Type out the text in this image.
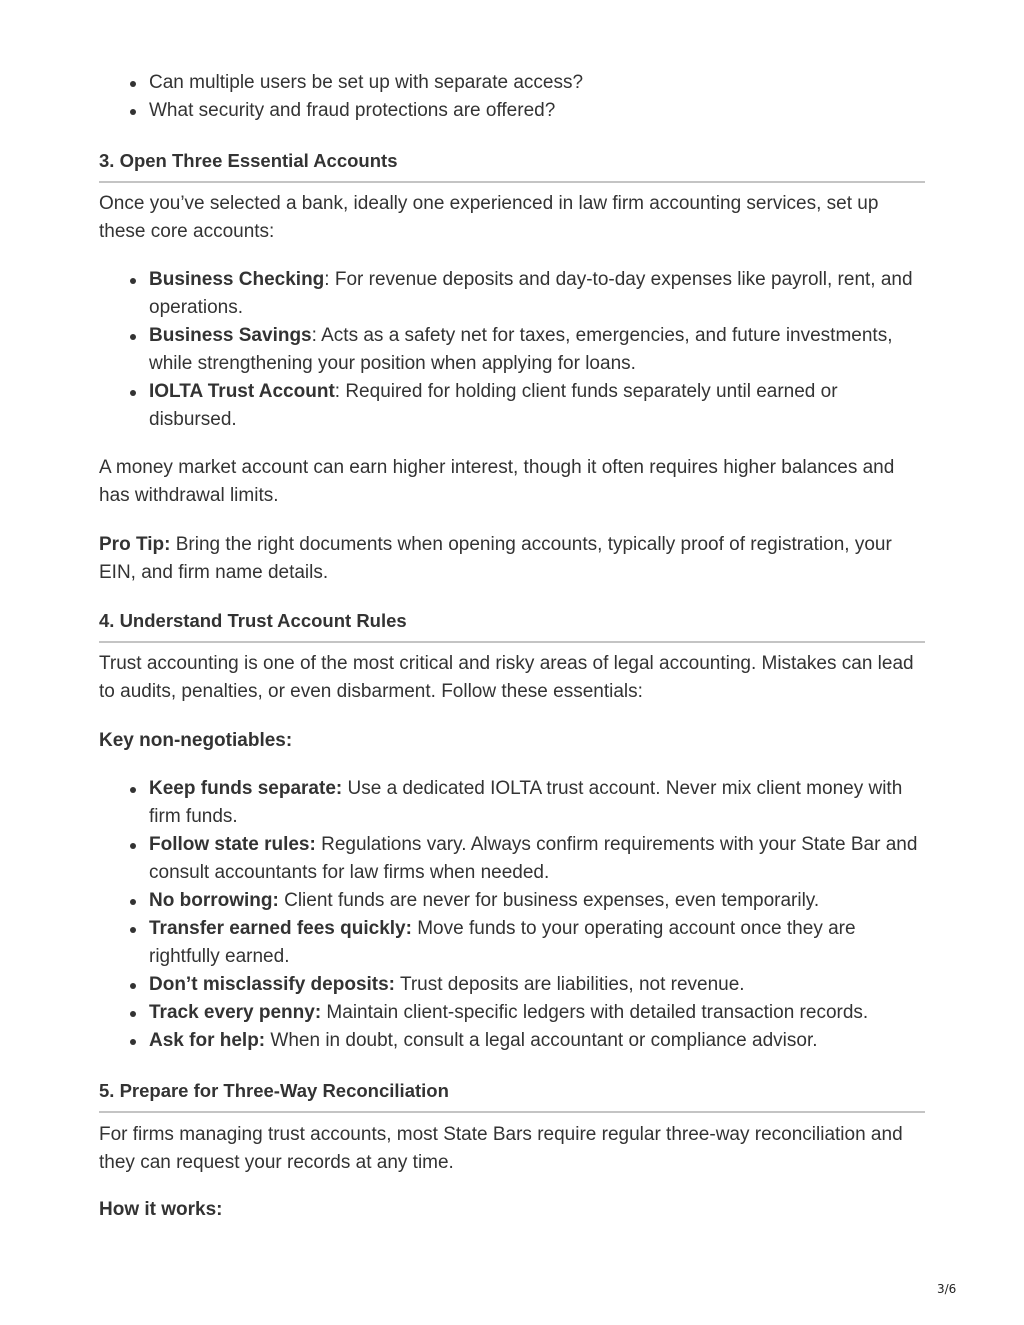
Can multiple users be set up with separate access?
What security and fraud protections are offered?
3. Open Three Essential Accounts

Once you’ve selected a bank, ideally one experienced in law firm accounting services, set up these core accounts:

Business Checking: For revenue deposits and day-to-day expenses like payroll, rent, and operations.
Business Savings: Acts as a safety net for taxes, emergencies, and future investments, while strengthening your position when applying for loans.
IOLTA Trust Account: Required for holding client funds separately until earned or disbursed.

A money market account can earn higher interest, though it often requires higher balances and has withdrawal limits.

Pro Tip: Bring the right documents when opening accounts, typically proof of registration, your EIN, and firm name details.

4. Understand Trust Account Rules

Trust accounting is one of the most critical and risky areas of legal accounting. Mistakes can lead to audits, penalties, or even disbarment. Follow these essentials:

Key non-negotiables:

Keep funds separate: Use a dedicated IOLTA trust account. Never mix client money with firm funds.
Follow state rules: Regulations vary. Always confirm requirements with your State Bar and consult accountants for law firms when needed.
No borrowing: Client funds are never for business expenses, even temporarily.
Transfer earned fees quickly: Move funds to your operating account once they are rightfully earned.
Don’t misclassify deposits: Trust deposits are liabilities, not revenue.
Track every penny: Maintain client-specific ledgers with detailed transaction records.
Ask for help: When in doubt, consult a legal accountant or compliance advisor.
5. Prepare for Three-Way Reconciliation

For firms managing trust accounts, most State Bars require regular three-way reconciliation and they can request your records at any time.

How it works:

3/6
